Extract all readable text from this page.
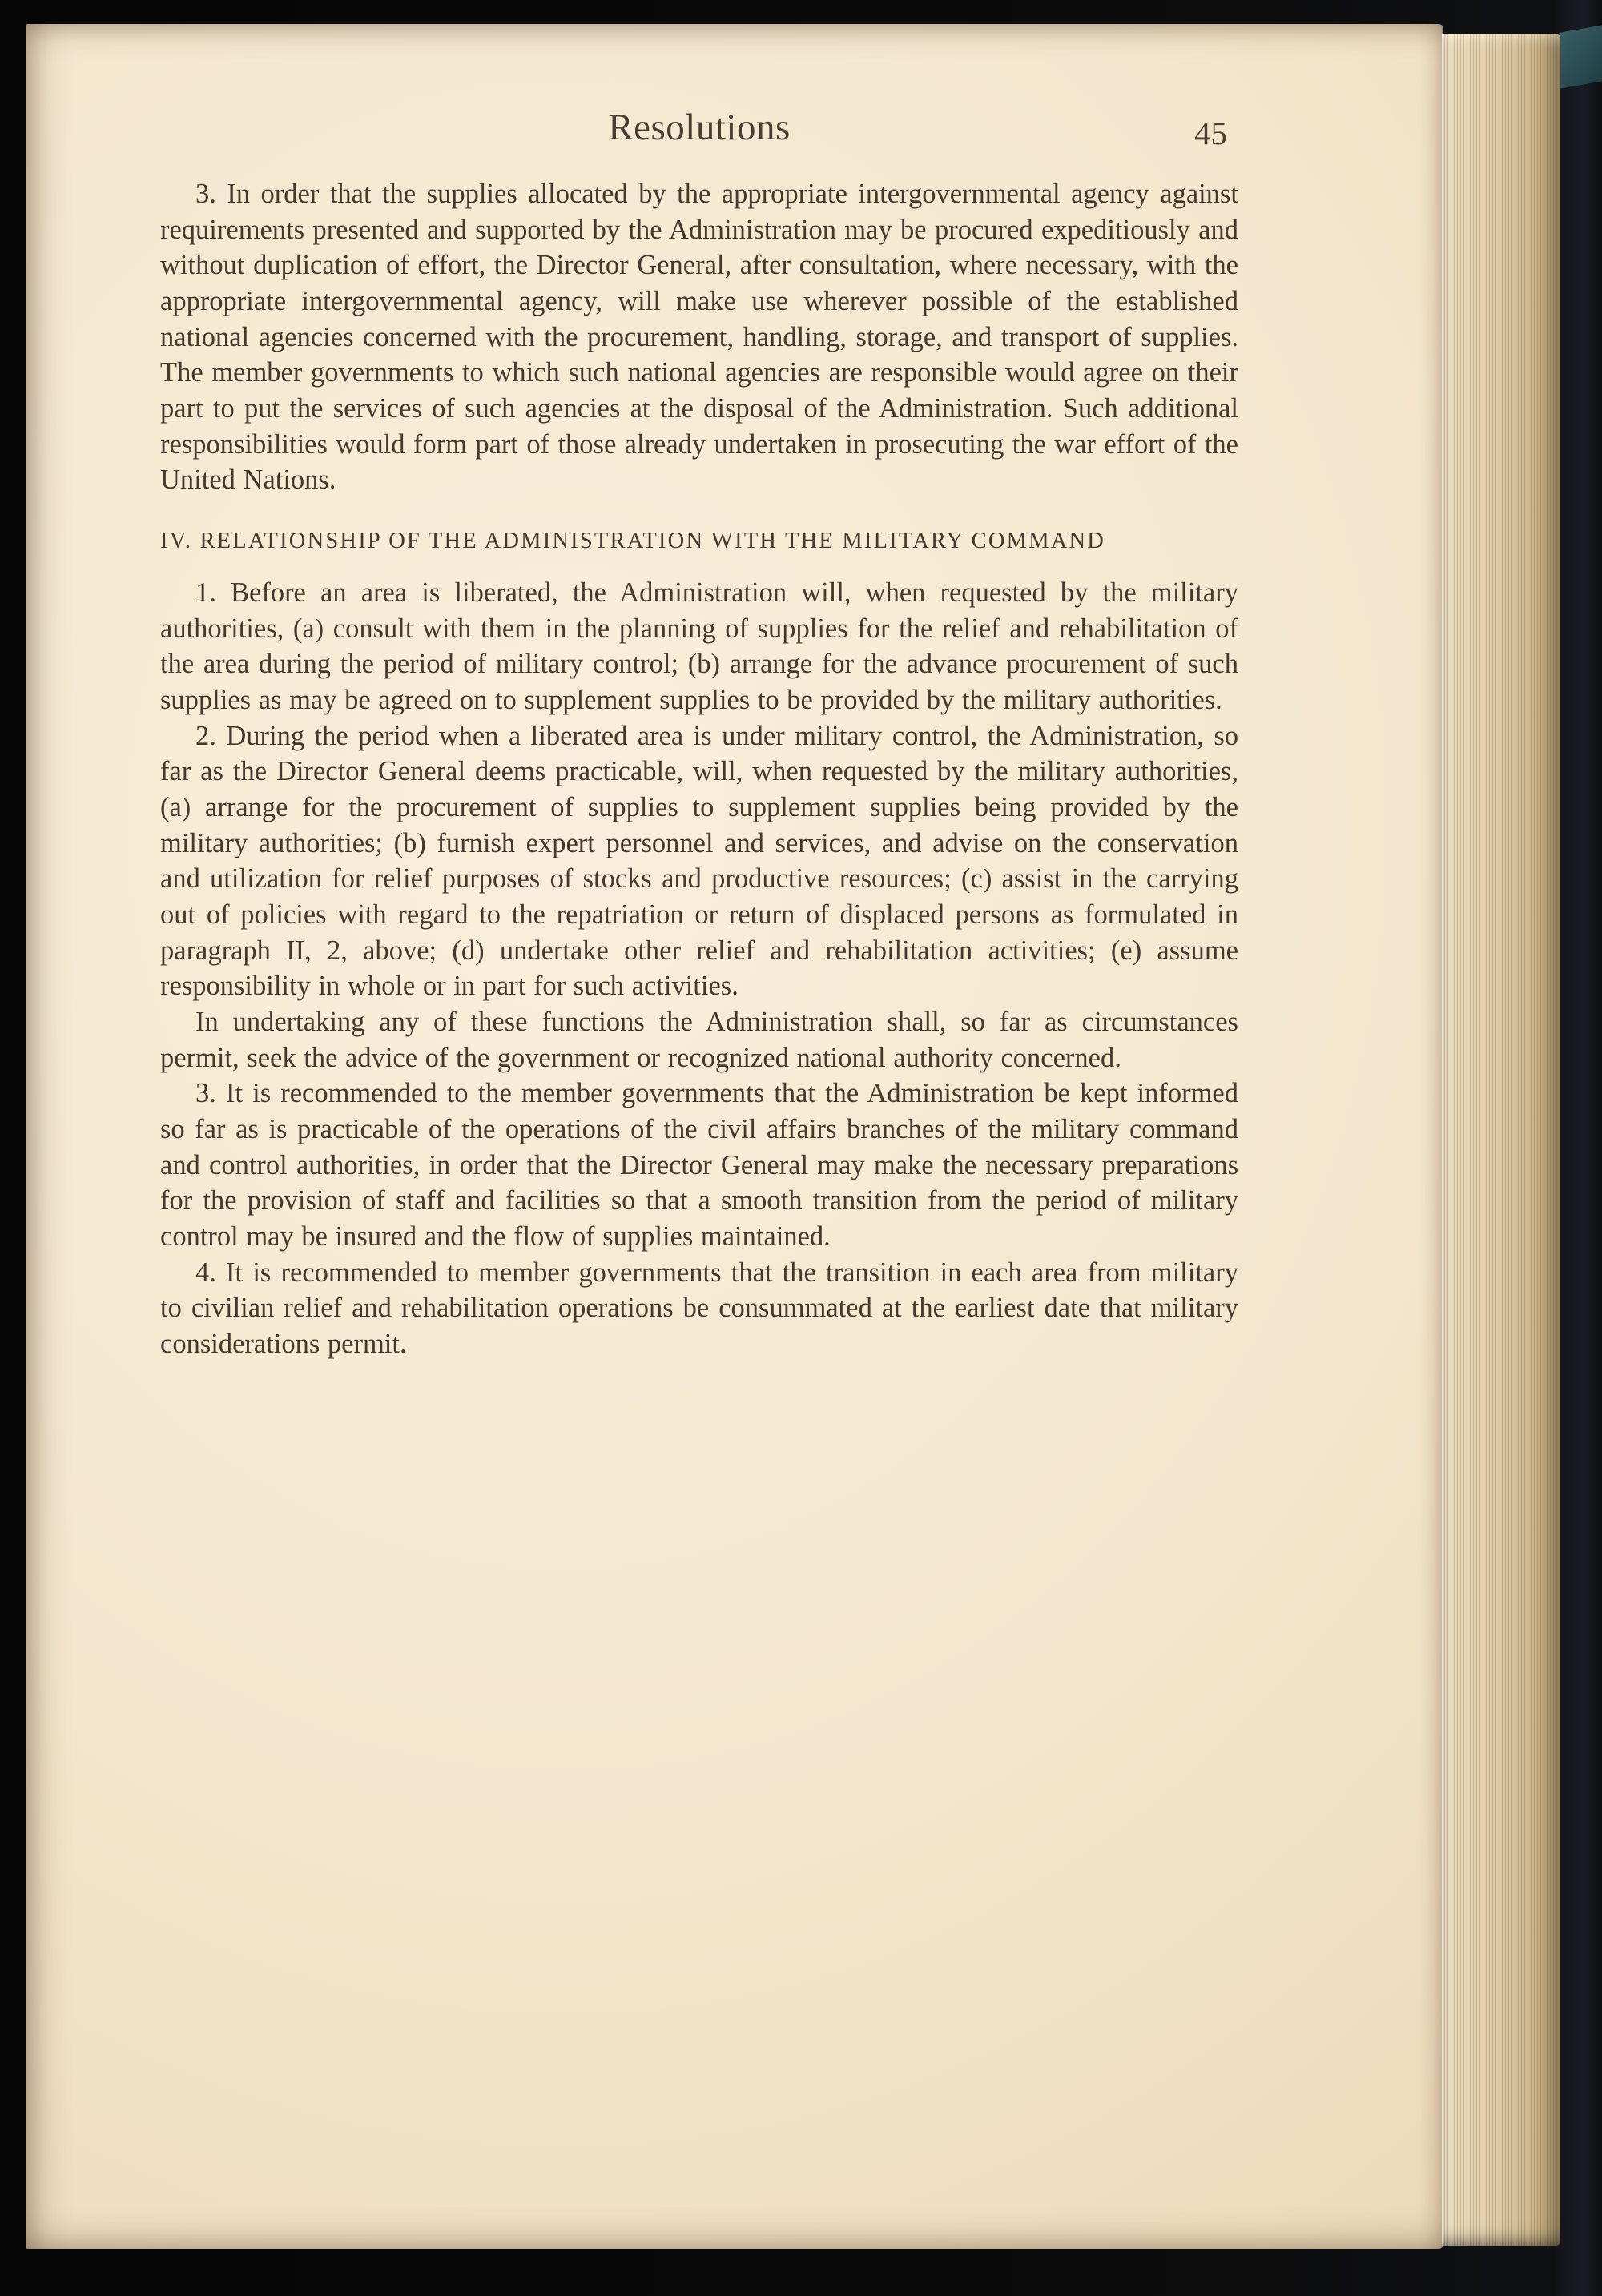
Resolutions	45

3. In order that the supplies allocated by the appropriate intergovernmental agency against requirements presented and supported by the Administration may be procured expeditiously and without duplication of effort, the Director General, after consultation, where necessary, with the appropriate intergovernmental agency, will make use wherever possible of the established national agencies concerned with the procurement, handling, storage, and transport of supplies. The member governments to which such national agencies are responsible would agree on their part to put the services of such agencies at the disposal of the Administration. Such additional responsibilities would form part of those already undertaken in prosecuting the war effort of the United Nations.

IV. RELATIONSHIP OF THE ADMINISTRATION WITH THE MILITARY COMMAND

1. Before an area is liberated, the Administration will, when requested by the military authorities, (a) consult with them in the planning of supplies for the relief and rehabilitation of the area during the period of military control; (b) arrange for the advance procurement of such supplies as may be agreed on to supplement supplies to be provided by the military authorities.

2. During the period when a liberated area is under military control, the Administration, so far as the Director General deems practicable, will, when requested by the military authorities, (a) arrange for the procurement of supplies to supplement supplies being provided by the military authorities; (b) furnish expert personnel and services, and advise on the conservation and utilization for relief purposes of stocks and productive resources; (c) assist in the carrying out of policies with regard to the repatriation or return of displaced persons as formulated in paragraph II, 2, above; (d) undertake other relief and rehabilitation activities; (e) assume responsibility in whole or in part for such activities.

In undertaking any of these functions the Administration shall, so far as circumstances permit, seek the advice of the government or recognized national authority concerned.

3. It is recommended to the member governments that the Administration be kept informed so far as is practicable of the operations of the civil affairs branches of the military command and control authorities, in order that the Director General may make the necessary preparations for the provision of staff and facilities so that a smooth transition from the period of military control may be insured and the flow of supplies maintained.

4. It is recommended to member governments that the transition in each area from military to civilian relief and rehabilitation operations be consummated at the earliest date that military considerations permit.
